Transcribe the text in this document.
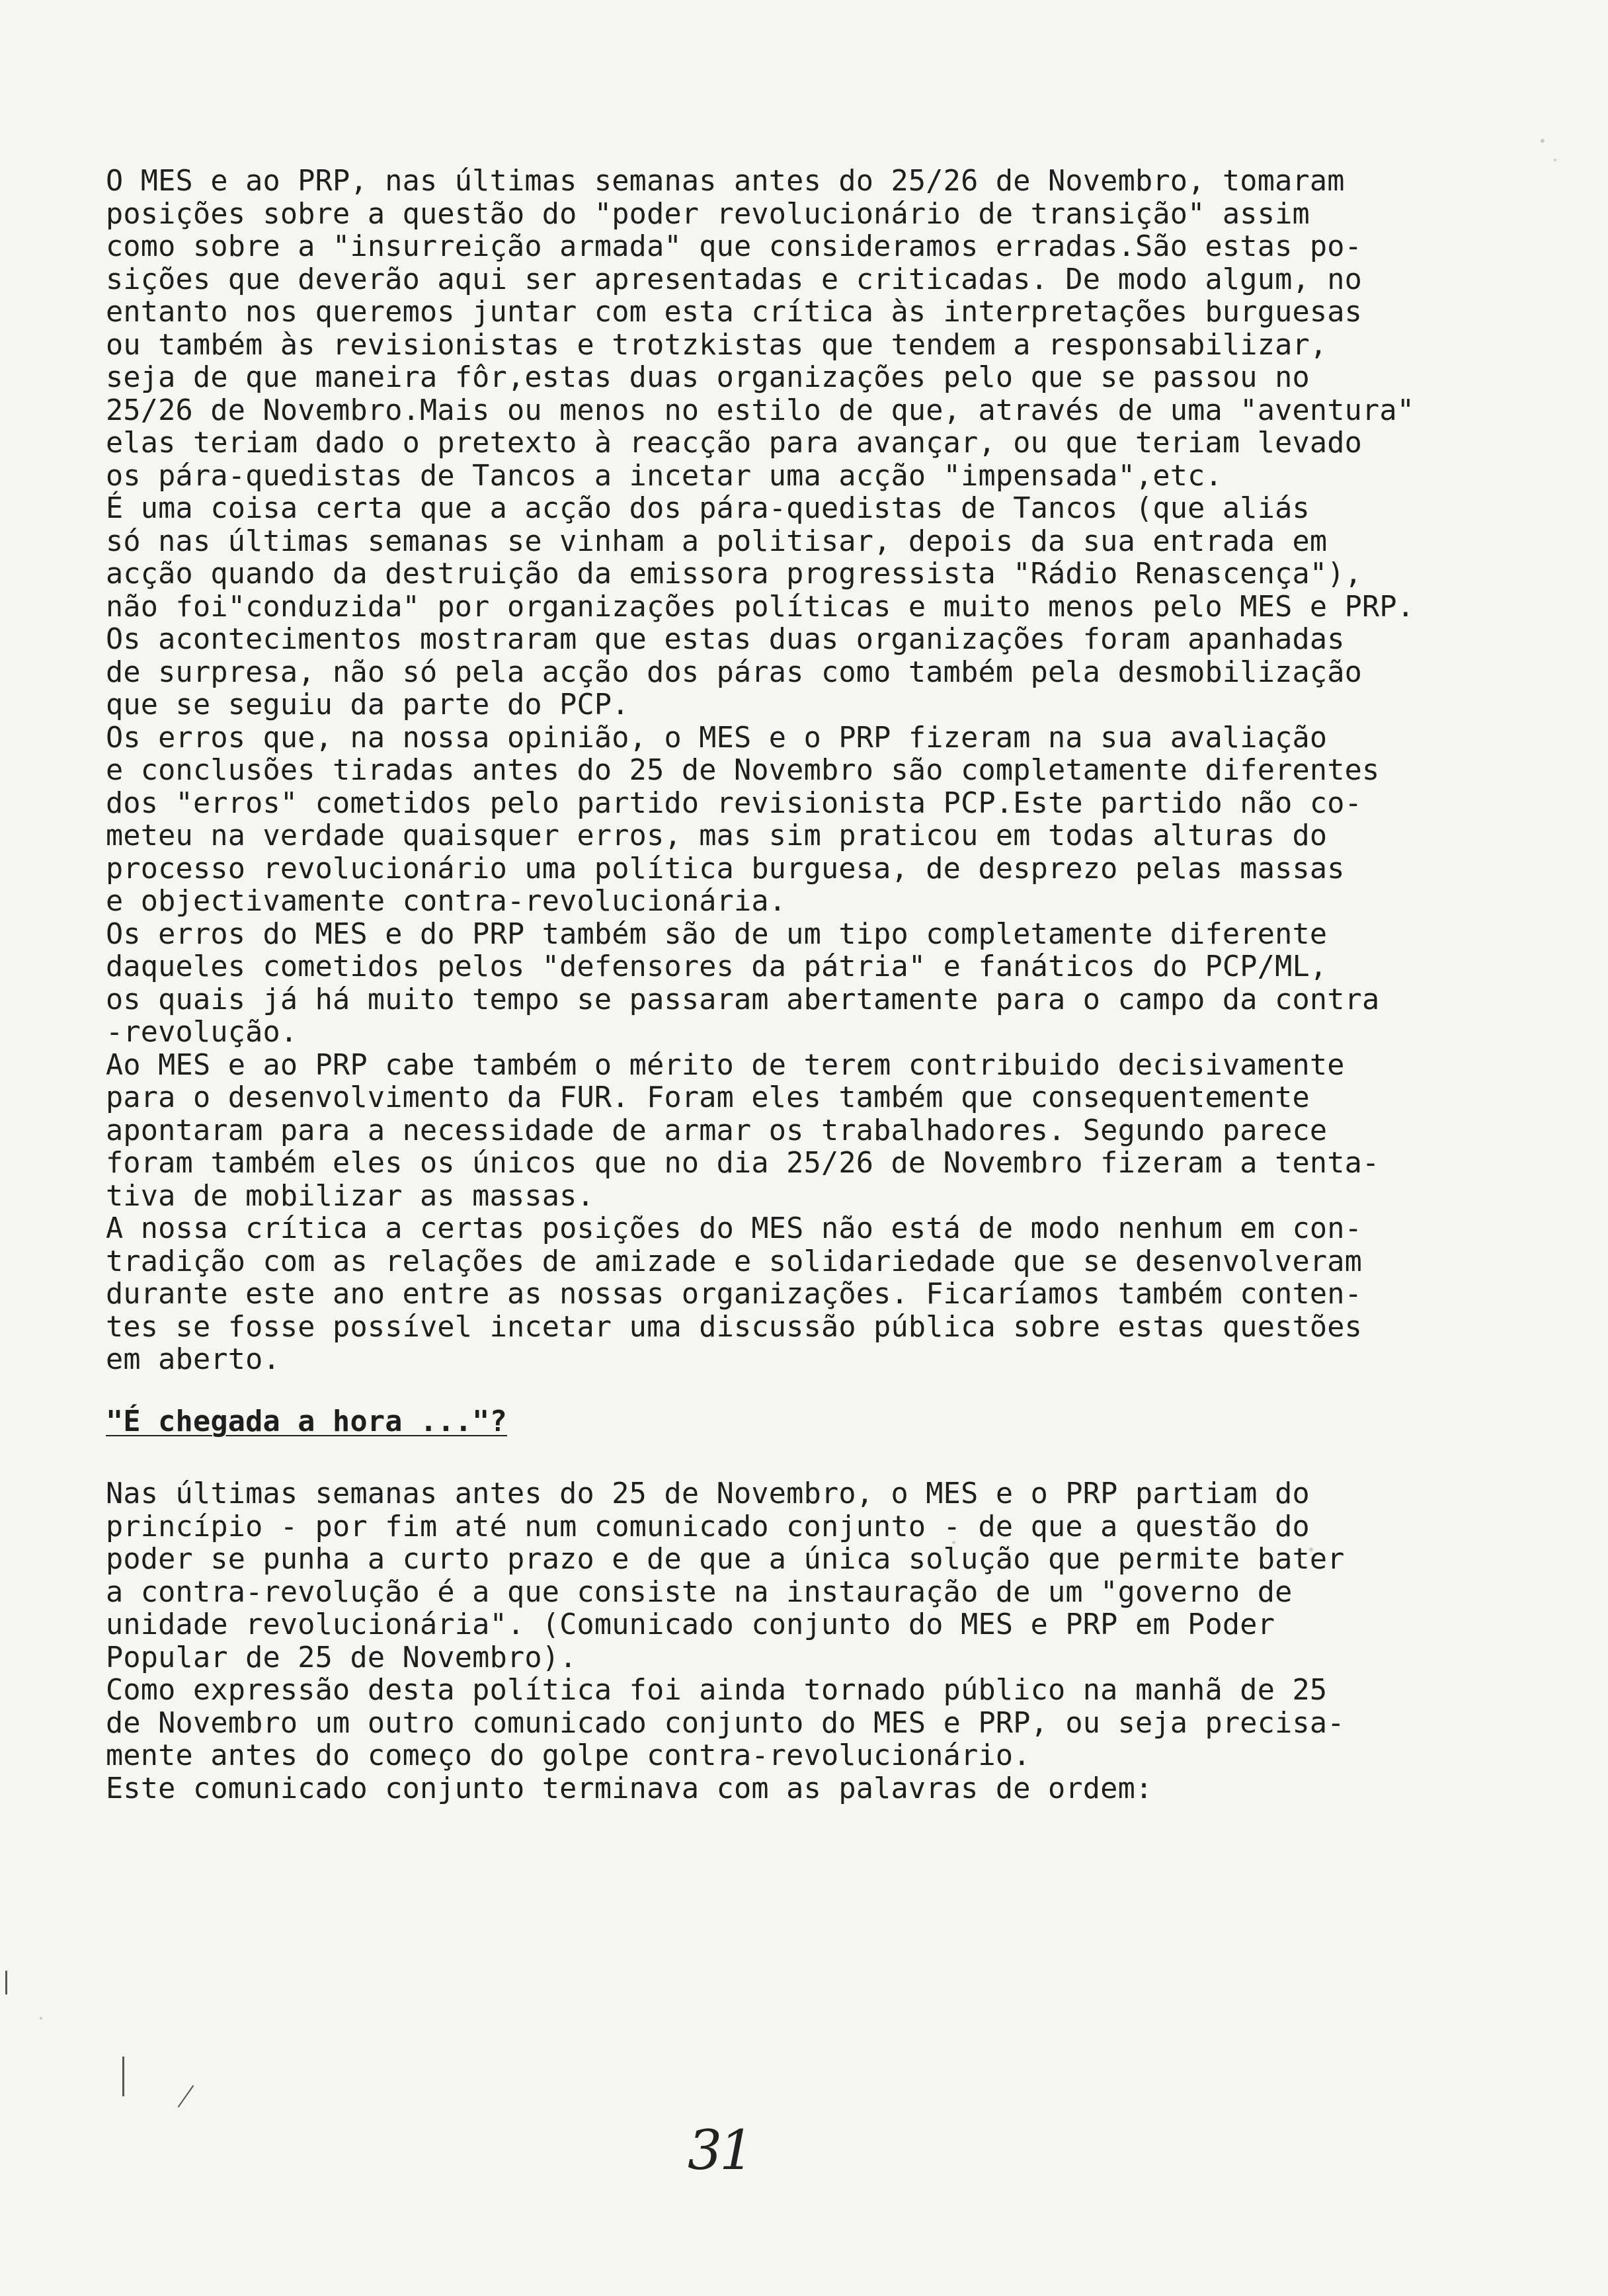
O MES e ao PRP, nas últimas semanas antes do 25/26 de Novembro, tomaram

posições sobre a questão do "poder revolucionário de transição" assim

como sobre a "insurreição armada" que consideramos erradas.São estas po-

sições que deverão aqui ser apresentadas e criticadas. De modo algum, no

entanto nos queremos juntar com esta crítica às interpretações burguesas

ou também às revisionistas e trotzkistas que tendem a responsabilizar,

seja de que maneira fôr,estas duas organizações pelo que se passou no

25/26 de Novembro.Mais ou menos no estilo de que, através de uma "aventura"

elas teriam dado o pretexto à reacção para avançar, ou que teriam levado

os pára-quedistas de Tancos a incetar uma acção "impensada",etc.

É uma coisa certa que a acção dos pára-quedistas de Tancos (que aliás

só nas últimas semanas se vinham a politisar, depois da sua entrada em

acção quando da destruição da emissora progressista "Rádio Renascença"),

não foi"conduzida" por organizações políticas e muito menos pelo MES e PRP.

Os acontecimentos mostraram que estas duas organizações foram apanhadas

de surpresa, não só pela acção dos páras como também pela desmobilização

que se seguiu da parte do PCP.

Os erros que, na nossa opinião, o MES e o PRP fizeram na sua avaliação

e conclusões tiradas antes do 25 de Novembro são completamente diferentes

dos "erros" cometidos pelo partido revisionista PCP.Este partido não co-

meteu na verdade quaisquer erros, mas sim praticou em todas alturas do

processo revolucionário uma política burguesa, de desprezo pelas massas

e objectivamente contra-revolucionária.

Os erros do MES e do PRP também são de um tipo completamente diferente

daqueles cometidos pelos "defensores da pátria" e fanáticos do PCP/ML,

os quais já há muito tempo se passaram abertamente para o campo da contra

-revolução.

Ao MES e ao PRP cabe também o mérito de terem contribuido decisivamente

para o desenvolvimento da FUR. Foram eles também que consequentemente

apontaram para a necessidade de armar os trabalhadores. Segundo parece

foram também eles os únicos que no dia 25/26 de Novembro fizeram a tenta-

tiva de mobilizar as massas.

A nossa crítica a certas posições do MES não está de modo nenhum em con-

tradição com as relações de amizade e solidariedade que se desenvolveram

durante este ano entre as nossas organizações. Ficaríamos também conten-

tes se fosse possível incetar uma discussão pública sobre estas questões

em aberto.

"É chegada a hora ..."?

Nas últimas semanas antes do 25 de Novembro, o MES e o PRP partiam do

princípio - por fim até num comunicado conjunto - de que a questão do

poder se punha a curto prazo e de que a única solução que permite bater

a contra-revolução é a que consiste na instauração de um "governo de

unidade revolucionária". (Comunicado conjunto do MES e PRP em Poder

Popular de 25 de Novembro).

Como expressão desta política foi ainda tornado público na manhã de 25

de Novembro um outro comunicado conjunto do MES e PRP, ou seja precisa-

mente antes do começo do golpe contra-revolucionário.

Este comunicado conjunto terminava com as palavras de ordem:

31
